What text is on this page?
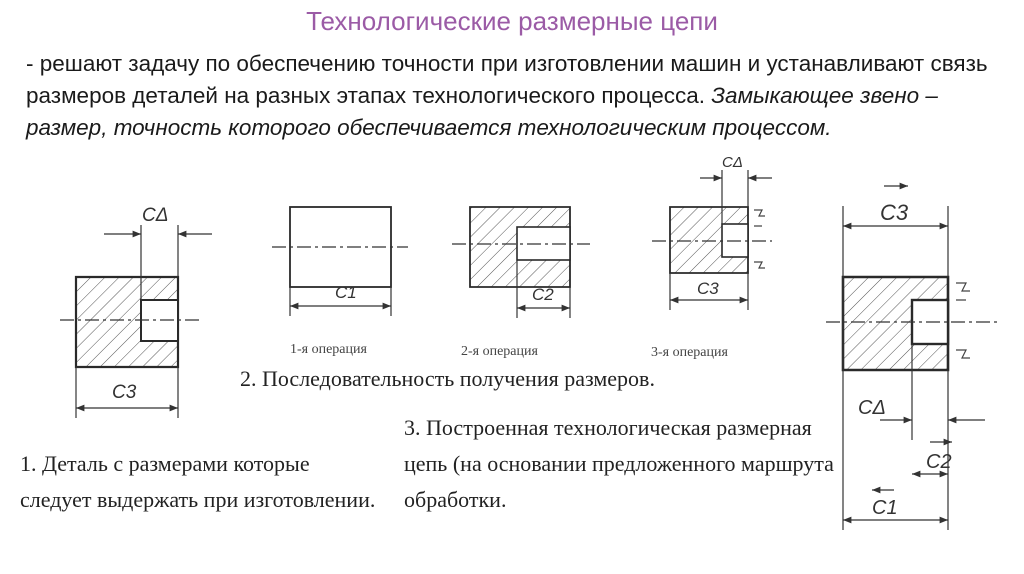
Технологические размерные цепи
- решают задачу по обеспечению точности при изготовлении машин и устанавливают связь размеров деталей на разных этапах технологического процесса. Замыкающее звено – размер, точность которого обеспечивается технологическим процессом.
CΔ
C3
C1	C2	C3
CΔ
C3
CΔ
C2
C1
1-я операция	2-я операция	3-я операция
2. Последовательность получения размеров.
1. Деталь с размерами которые следует выдержать при изготовлении.
3. Построенная технологическая размерная цепь (на основании предложенного маршрута обработки.
